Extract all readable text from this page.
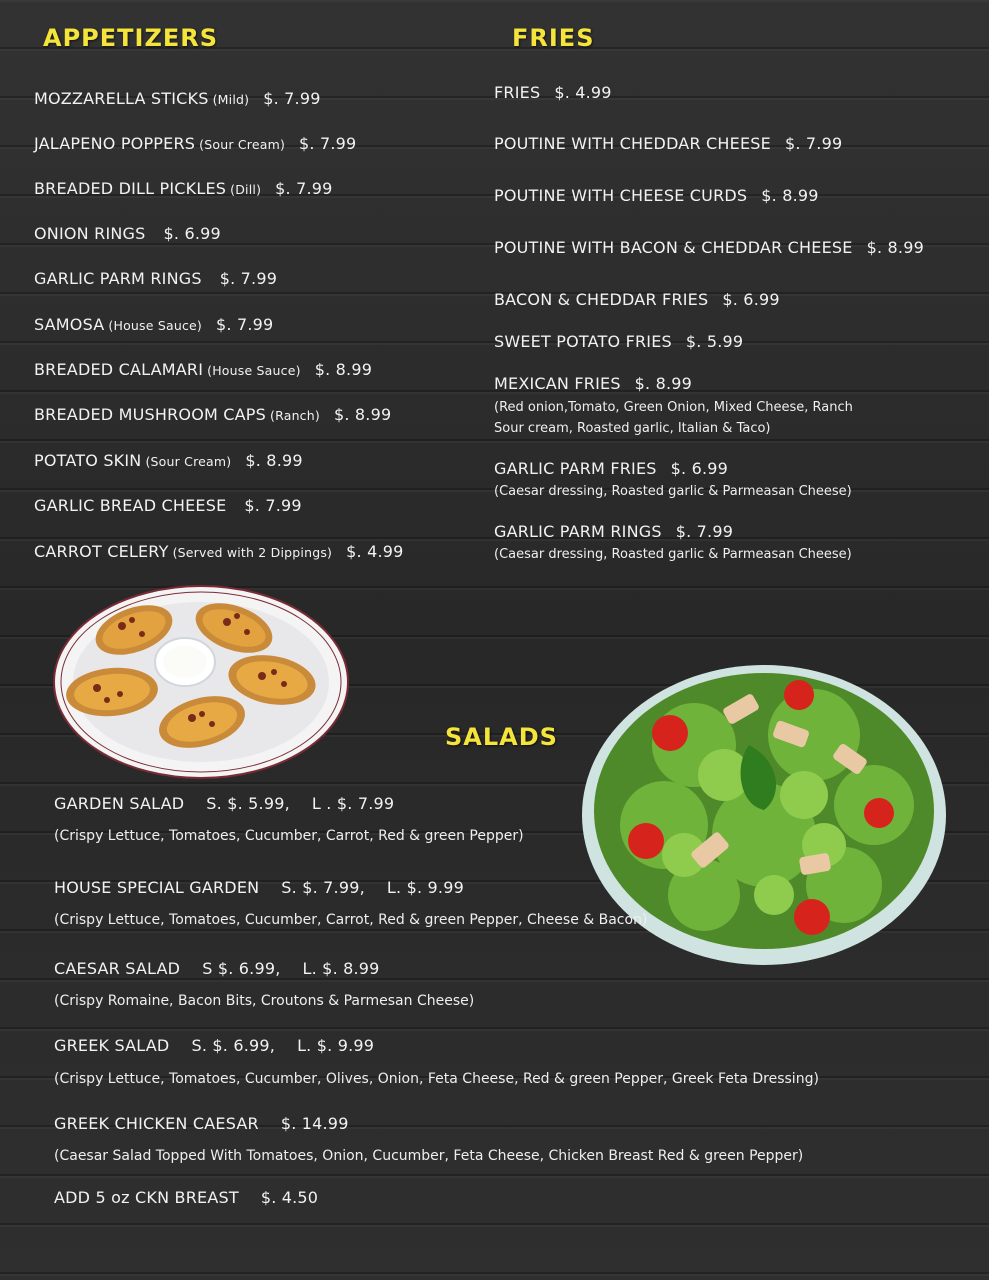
APPETIZERS	FRIES
SALADS
MOZZARELLA STICKS (Mild) $. 7.99
JALAPENO POPPERS (Sour Cream) $. 7.99
BREADED DILL PICKLES (Dill) $. 7.99
ONION RINGS $. 6.99
GARLIC PARM RINGS $. 7.99
SAMOSA (House Sauce) $. 7.99
BREADED CALAMARI (House Sauce) $. 8.99
BREADED MUSHROOM CAPS (Ranch) $. 8.99
POTATO SKIN (Sour Cream) $. 8.99
GARLIC BREAD CHEESE $. 7.99
CARROT CELERY (Served with 2 Dippings) $. 4.99
FRIES $. 4.99
POUTINE WITH CHEDDAR CHEESE $. 7.99
POUTINE WITH CHEESE CURDS $. 8.99
POUTINE WITH BACON & CHEDDAR CHEESE $. 8.99
BACON & CHEDDAR FRIES $. 6.99
SWEET POTATO FRIES $. 5.99
MEXICAN FRIES $. 8.99
(Red onion,Tomato, Green Onion, Mixed Cheese, Ranch
Sour cream, Roasted garlic, Italian & Taco)
GARLIC PARM FRIES $. 6.99
(Caesar dressing, Roasted garlic & Parmeasan Cheese)
GARLIC PARM RINGS $. 7.99
(Caesar dressing, Roasted garlic & Parmeasan Cheese)
GARDEN SALAD S. $. 5.99, L . $. 7.99
(Crispy Lettuce, Tomatoes, Cucumber, Carrot, Red & green Pepper)
HOUSE SPECIAL GARDEN S. $. 7.99, L. $. 9.99
(Crispy Lettuce, Tomatoes, Cucumber, Carrot, Red & green Pepper, Cheese & Bacon)
CAESAR SALAD S $. 6.99, L. $. 8.99
(Crispy Romaine, Bacon Bits, Croutons & Parmesan Cheese)
GREEK SALAD S. $. 6.99, L. $. 9.99
(Crispy Lettuce, Tomatoes, Cucumber, Olives, Onion, Feta Cheese, Red & green Pepper, Greek Feta Dressing)
GREEK CHICKEN CAESAR $. 14.99
(Caesar Salad Topped With Tomatoes, Onion, Cucumber, Feta Cheese, Chicken Breast Red & green Pepper)
ADD 5 oz CKN BREAST $. 4.50
